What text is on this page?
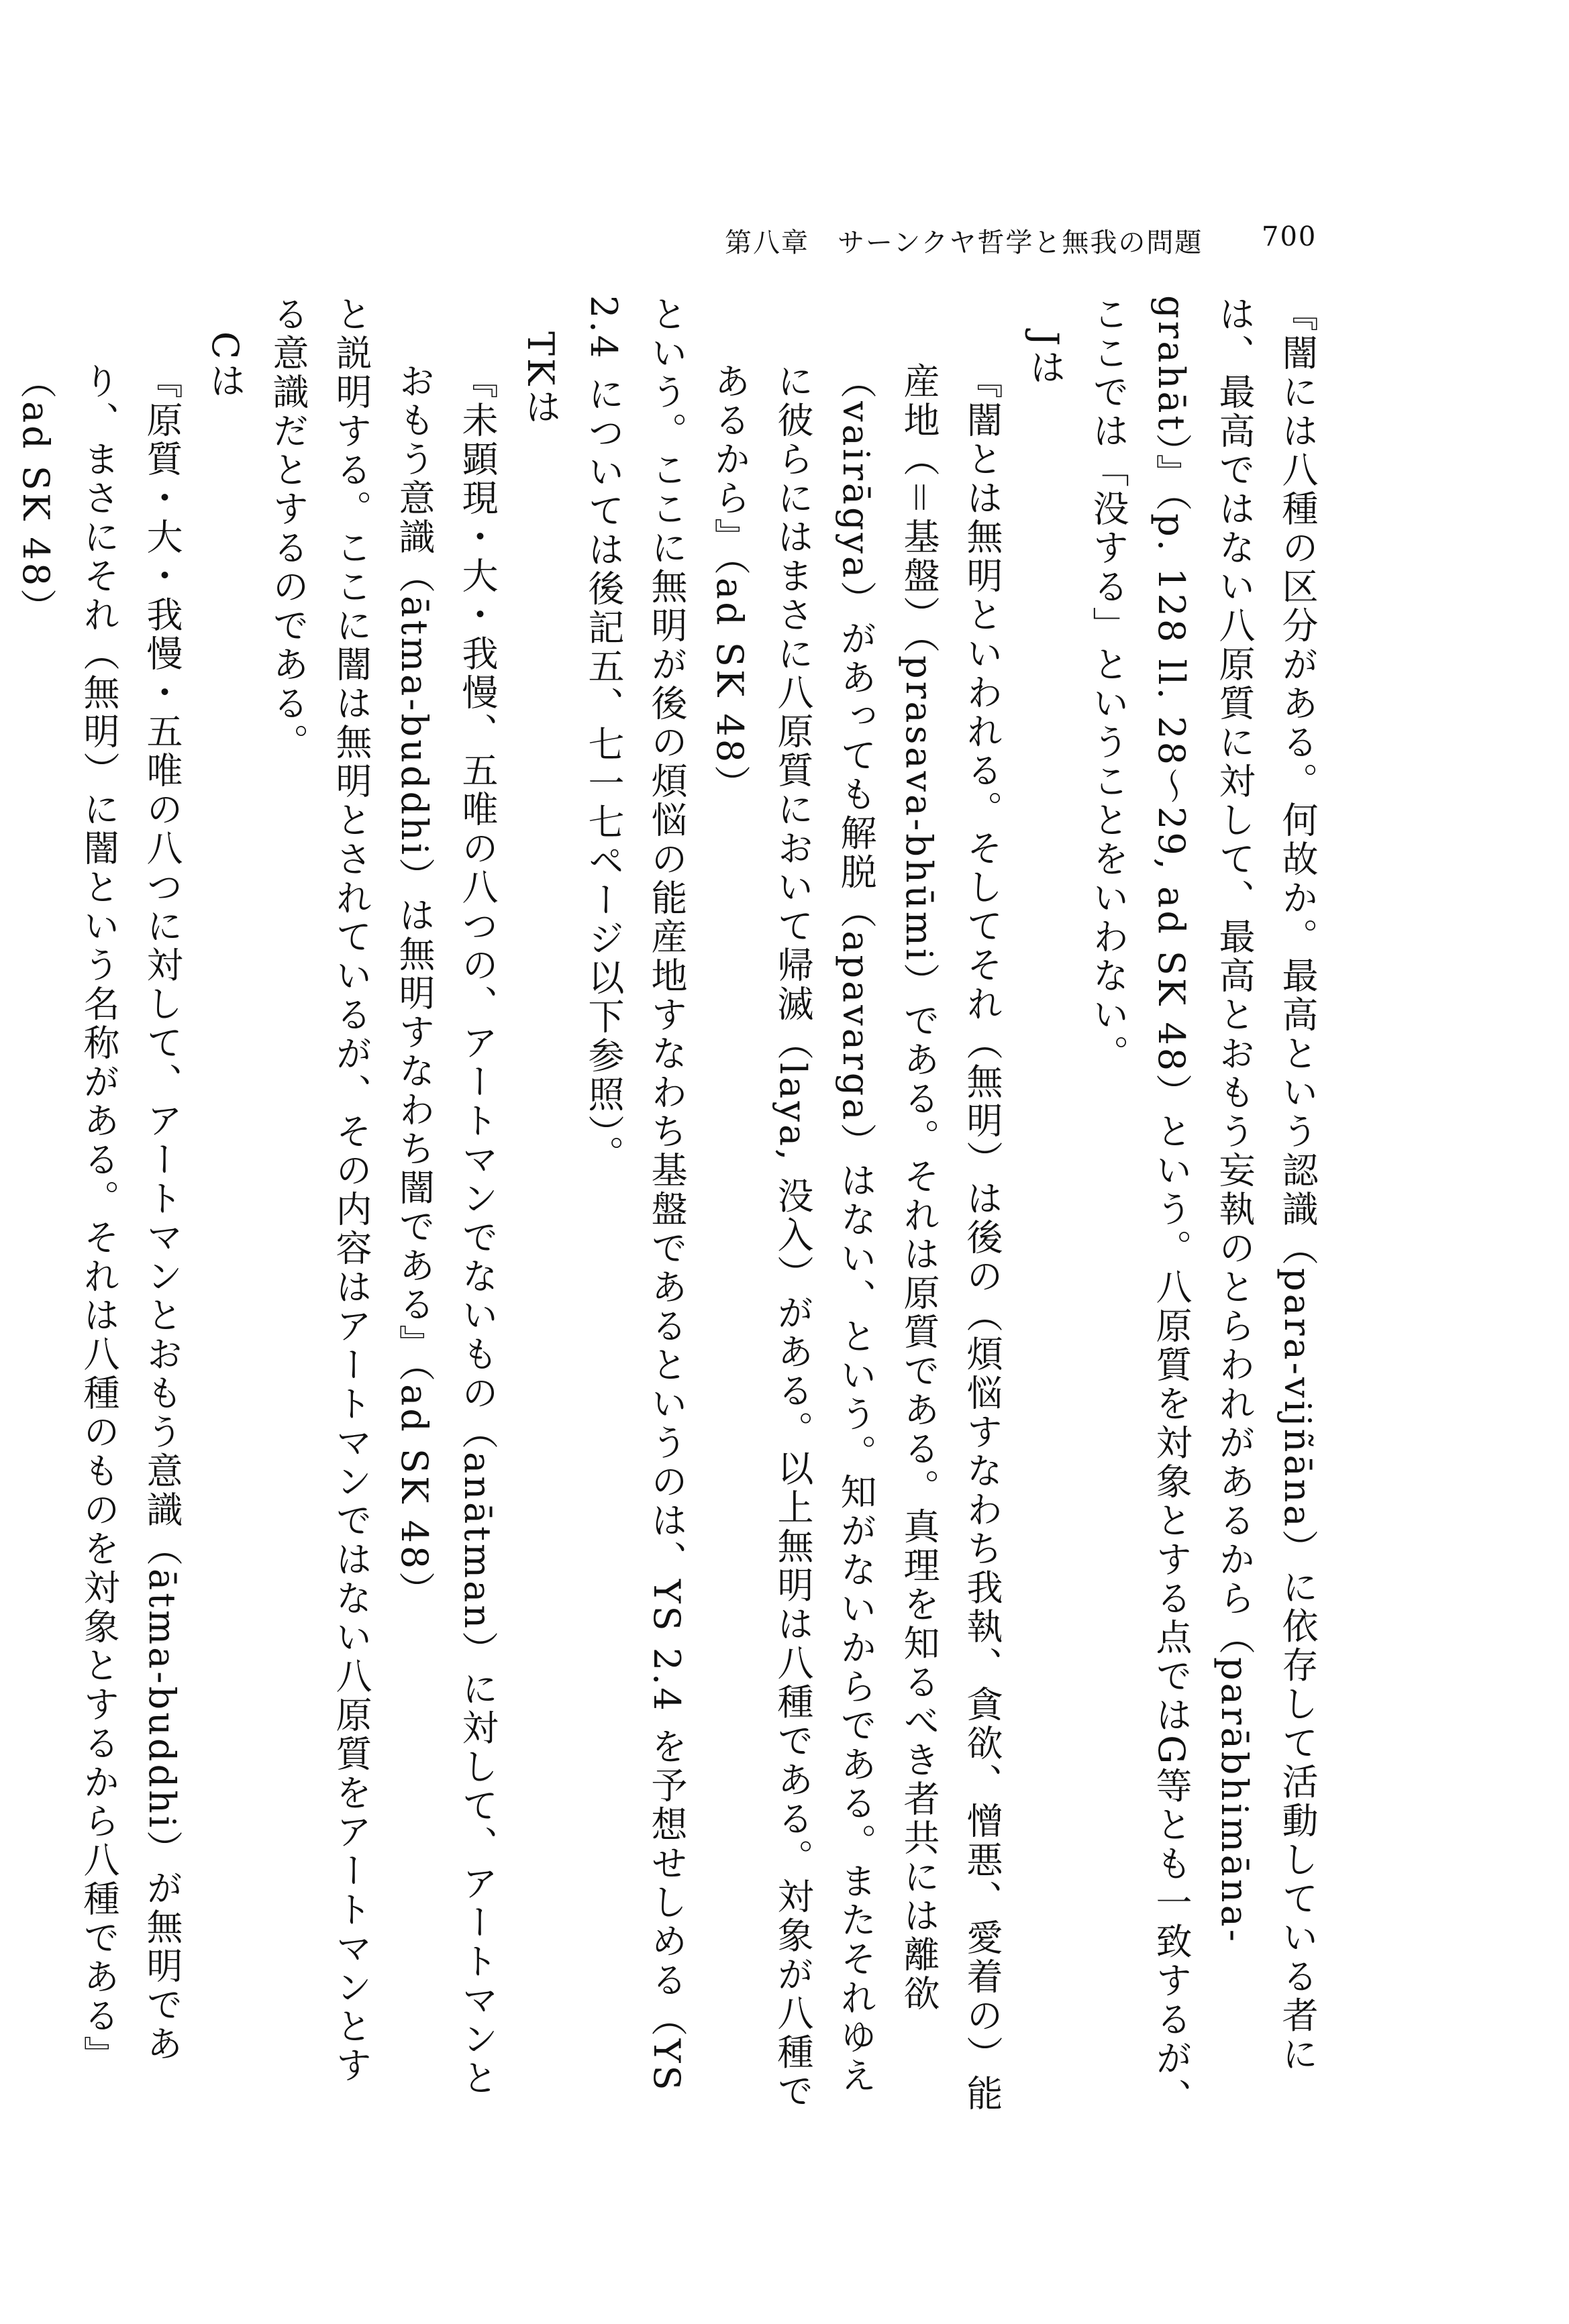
第八章　サーンクヤ哲学と無我の問題 700

『闇には八種の区分がある。何故か。最高という認識（para-vijñāna）に依存して活動している者には、最高ではない八原質に対して、最高とおもう妄執のとらわれがあるから（parābhimāna-grahāt）』（p. 128 ll. 28〜29, ad SK 48）という。八原質を対象とする点ではG等とも一致するが、ここでは「没する」ということをいわない。

Jは

『闇とは無明といわれる。そしてそれ（無明）は後の（煩悩すなわち我執、貪欲、憎悪、愛着の）能産地（＝基盤）（prasava-bhūmi）である。それは原質である。真理を知るべき者共には離欲（vairāgya）があっても解脱（apavarga）はない、という。知がないからである。またそれゆえに彼らにはまさに八原質において帰滅（laya, 没入）がある。以上無明は八種である。対象が八種であるから』（ad SK 48）

という。ここに無明が後の煩悩の能産地すなわち基盤であるというのは、YS 2.4 を予想せしめる（YS 2.4 については後記五、七一七ページ以下参照）。

TKは

『未顕現・大・我慢、五唯の八つの、アートマンでないもの（anātman）に対して、アートマンとおもう意識（ātma-buddhi）は無明すなわち闇である』（ad SK 48）

と説明する。ここに闇は無明とされているが、その内容はアートマンではない八原質をアートマンとする意識だとするのである。

Cは

『原質・大・我慢・五唯の八つに対して、アートマンとおもう意識（ātma-buddhi）が無明であり、まさにそれ（無明）に闇という名称がある。それは八種のものを対象とするから八種である』（ad SK 48）
